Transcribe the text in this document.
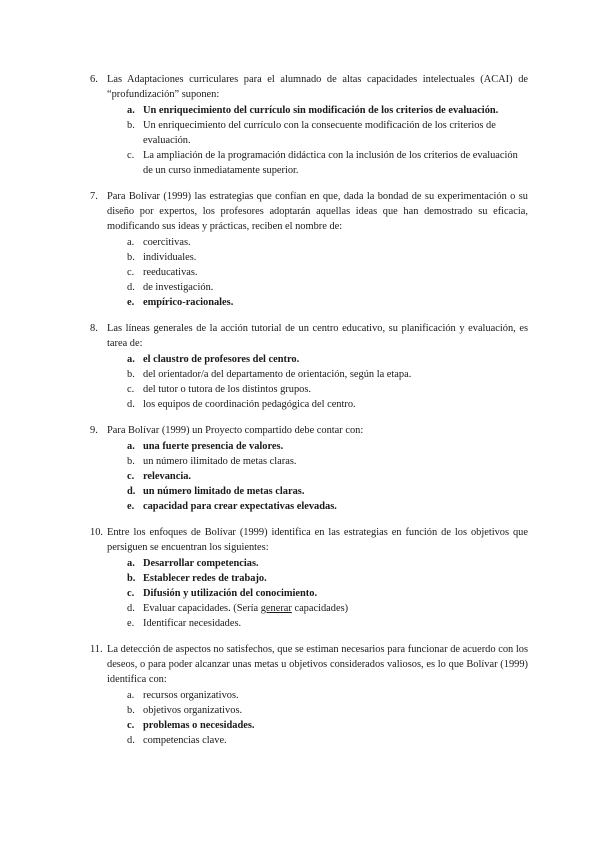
6. Las Adaptaciones curriculares para el alumnado de altas capacidades intelectuales (ACAI) de “profundización” suponen:
a. Un enriquecimiento del currículo sin modificación de los criterios de evaluación.
b. Un enriquecimiento del currículo con la consecuente modificación de los criterios de evaluación.
c. La ampliación de la programación didáctica con la inclusión de los criterios de evaluación de un curso inmediatamente superior.
7. Para Bolívar (1999) las estrategias que confían en que, dada la bondad de su experimentación o su diseño por expertos, los profesores adoptarán aquellas ideas que han demostrado su eficacia, modificando sus ideas y prácticas, reciben el nombre de:
a. coercitivas.
b. individuales.
c. reeducativas.
d. de investigación.
e. empírico-racionales.
8. Las líneas generales de la acción tutorial de un centro educativo, su planificación y evaluación, es tarea de:
a. el claustro de profesores del centro.
b. del orientador/a del departamento de orientación, según la etapa.
c. del tutor o tutora de los distintos grupos.
d. los equipos de coordinación pedagógica del centro.
9. Para Bolívar (1999) un Proyecto compartido debe contar con:
a. una fuerte presencia de valores.
b. un número ilimitado de metas claras.
c. relevancia.
d. un número limitado de metas claras.
e. capacidad para crear expectativas elevadas.
10. Entre los enfoques de Bolívar (1999) identifica en las estrategias en función de los objetivos que persiguen se encuentran los siguientes:
a. Desarrollar competencias.
b. Establecer redes de trabajo.
c. Difusión y utilización del conocimiento.
d. Evaluar capacidades. (Sería generar capacidades)
e. Identificar necesidades.
11. La detección de aspectos no satisfechos, que se estiman necesarios para funcionar de acuerdo con los deseos, o para poder alcanzar unas metas u objetivos considerados valiosos, es lo que Bolívar (1999) identifica con:
a. recursos organizativos.
b. objetivos organizativos.
c. problemas o necesidades.
d. competencias clave.
